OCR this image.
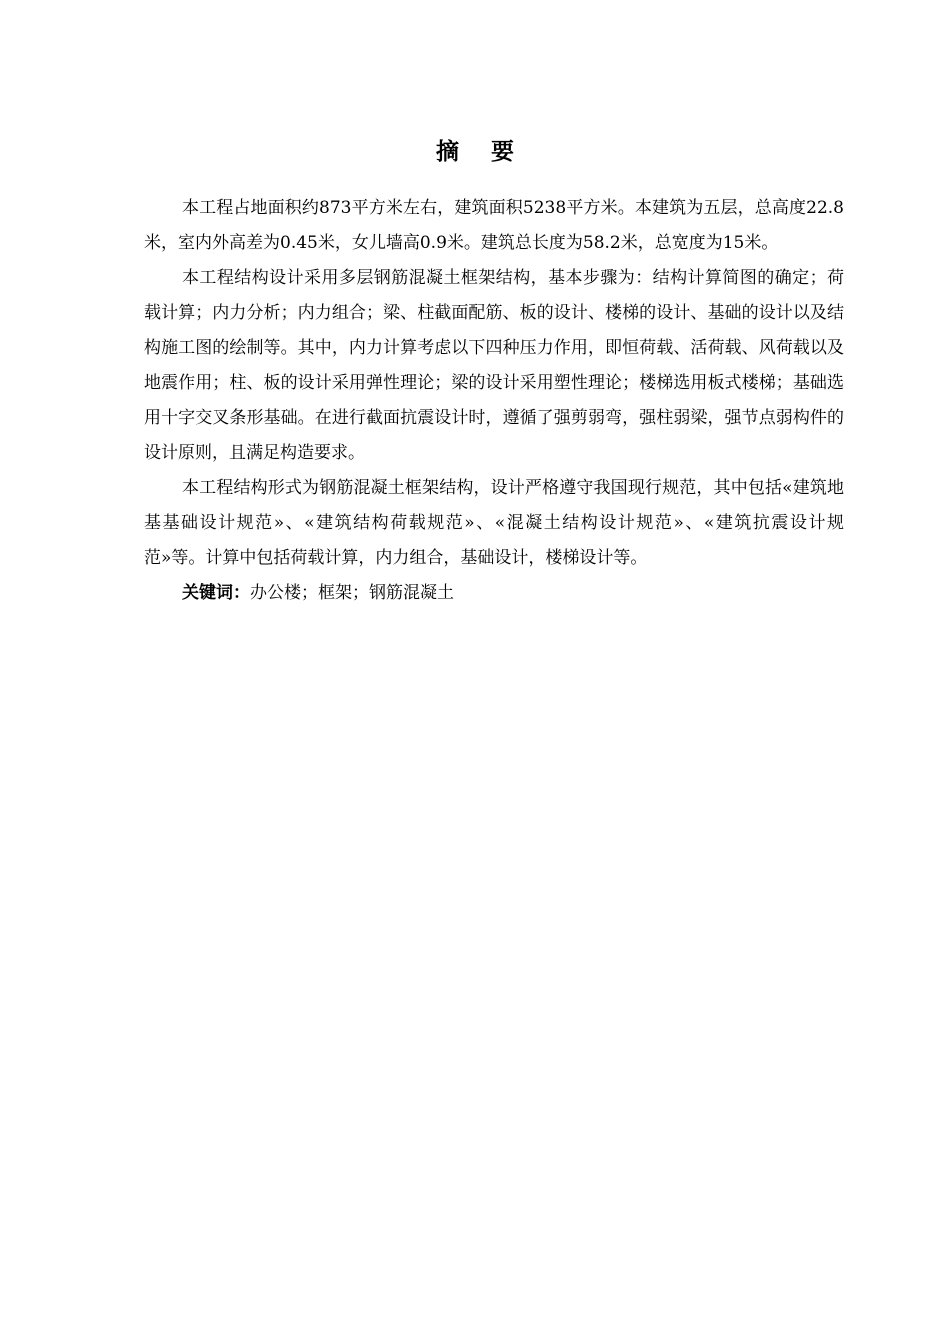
摘 要

本工程占地面积约873平方米左右，建筑面积5238平方米。本建筑为五层，总高度22.8米，室内外高差为0.45米，女儿墙高0.9米。建筑总长度为58.2米，总宽度为15米。

本工程结构设计采用多层钢筋混凝土框架结构，基本步骤为：结构计算简图的确定；荷载计算；内力分析；内力组合；梁、柱截面配筋、板的设计、楼梯的设计、基础的设计以及结构施工图的绘制等。其中，内力计算考虑以下四种压力作用，即恒荷载、活荷载、风荷载以及地震作用；柱、板的设计采用弹性理论；梁的设计采用塑性理论；楼梯选用板式楼梯；基础选用十字交叉条形基础。在进行截面抗震设计时，遵循了强剪弱弯，强柱弱梁，强节点弱构件的设计原则，且满足构造要求。

本工程结构形式为钢筋混凝土框架结构，设计严格遵守我国现行规范，其中包括«建筑地基基础设计规范»、«建筑结构荷载规范»、«混凝土结构设计规范»、«建筑抗震设计规范»等。计算中包括荷载计算，内力组合，基础设计，楼梯设计等。

关键词：办公楼；框架；钢筋混凝土
